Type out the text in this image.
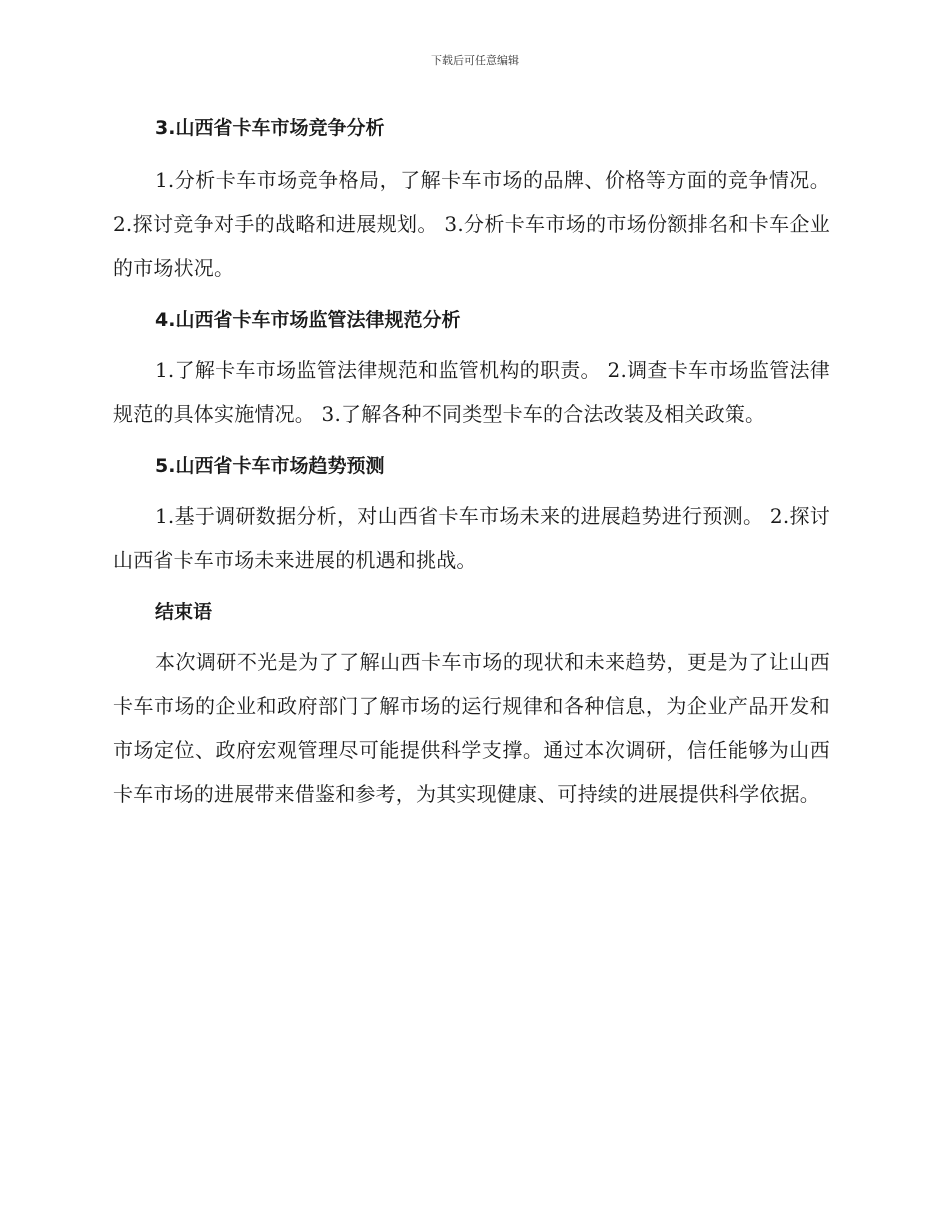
下载后可任意编辑
3.山西省卡车市场竞争分析

1.分析卡车市场竞争格局，了解卡车市场的品牌、价格等方面的竞争情况。 2.探讨竞争对手的战略和进展规划。 3.分析卡车市场的市场份额排名和卡车企业的市场状况。

4.山西省卡车市场监管法律规范分析

1.了解卡车市场监管法律规范和监管机构的职责。 2.调查卡车市场监管法律规范的具体实施情况。 3.了解各种不同类型卡车的合法改装及相关政策。

5.山西省卡车市场趋势预测

1.基于调研数据分析，对山西省卡车市场未来的进展趋势进行预测。 2.探讨山西省卡车市场未来进展的机遇和挑战。

结束语

本次调研不光是为了了解山西卡车市场的现状和未来趋势，更是为了让山西卡车市场的企业和政府部门了解市场的运行规律和各种信息，为企业产品开发和市场定位、政府宏观管理尽可能提供科学支撑。通过本次调研，信任能够为山西卡车市场的进展带来借鉴和参考，为其实现健康、可持续的进展提供科学依据。
